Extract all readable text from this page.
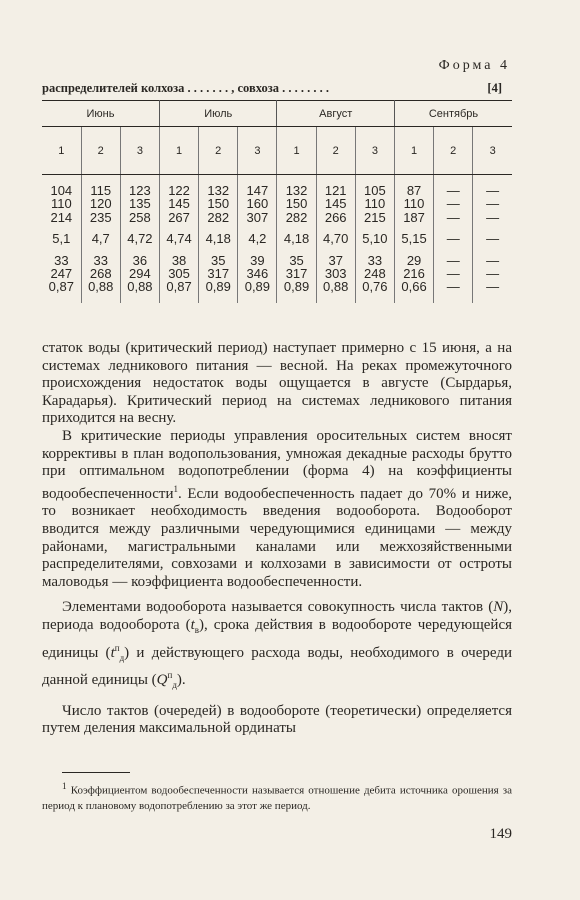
Форма 4
распределителей колхоза . . . . . . . , совхоза . . . . . . . .	[4]
Июнь			Июль			Август			Сентябрь		
1	2	3	1	2	3	1	2	3	1	2	3

104	115	123	122	132	147	132	121	105	87	—	—
110	120	135	145	150	160	150	145	110	110	—	—
214	235	258	267	282	307	282	266	215	187	—	—

5,1	4,7	4,72	4,74	4,18	4,2	4,18	4,70	5,10	5,15	—	—

33	33	36	38	35	39	35	37	33	29	—	—
247	268	294	305	317	346	317	303	248	216	—	—
0,87	0,88	0,88	0,87	0,89	0,89	0,89	0,88	0,76	0,66	—	—

статок воды (критический период) наступает примерно с 15 июня, а на системах ледникового питания — весной. На реках промежуточного происхождения недостаток воды ощущается в августе (Сырдарья, Карадарья). Критический период на системах ледникового питания приходится на весну.

В критические периоды управления оросительных систем вносят коррективы в план водопользования, умножая декадные расходы брутто при оптимальном водопотреблении (форма 4) на коэффициенты водообеспеченности$^1$. Если водообеспеченность падает до 70% и ниже, то возникает необходимость введения водооборота. Водооборот вводится между различными чередующимися единицами — между районами, магистральными каналами или межхозяйственными распределителями, совхозами и колхозами в зависимости от остроты маловодья — коэффициента водообеспеченности.

Элементами водооборота называется совокупность числа тактов (N), периода водооборота $(t_в)$, срока действия в водообороте чередующейся единицы $(t^п_д)$ и действующего расхода воды, необходимого в очереди данной единицы $(Q^п_д)$.

Число тактов (очередей) в водообороте (теоретически) определяется путем деления максимальной ординаты

$^1$ Коэффициентом водообеспеченности называется отношение дебита источника орошения за период к плановому водопотреблению за этот же период.
149
